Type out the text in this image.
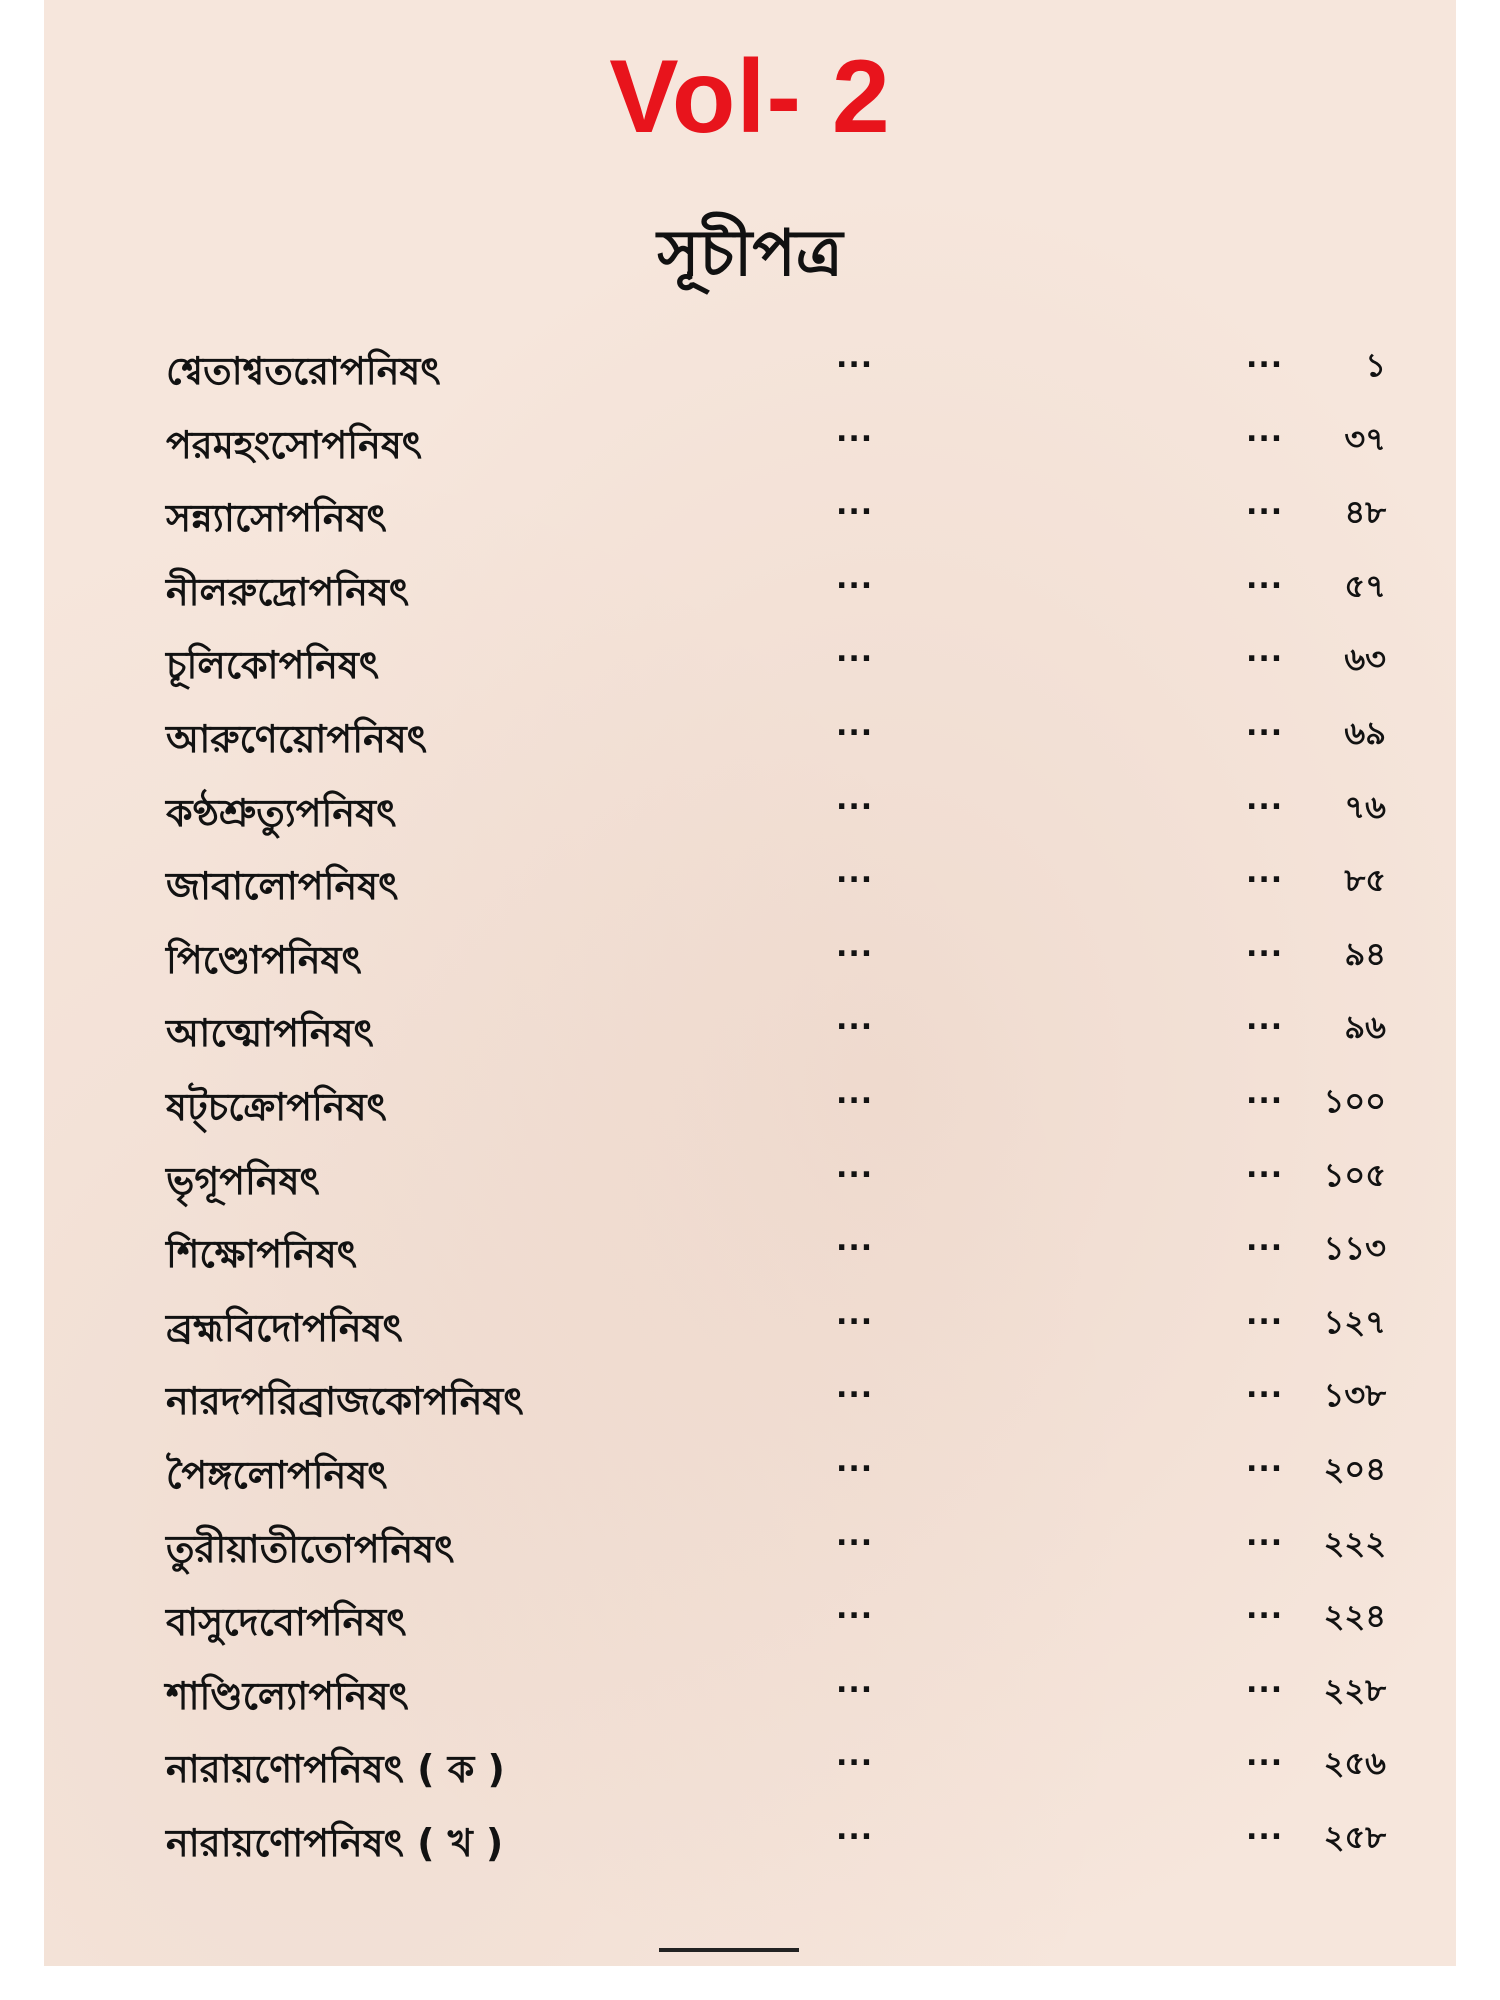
Vol- 2
সূচীপত্র
শ্বেতাশ্বতরোপনিষৎ	...	...	১
পরমহংসোপনিষৎ	...	... ৩৭
সন্ন্যাসোপনিষৎ	...	... ৪৮
নীলরুদ্রোপনিষৎ	...	... ৫৭
চূলিকোপনিষৎ	...	... ৬৩
আরুণেয়োপনিষৎ	...	... ৬৯
কণ্ঠশ্রুত্যুপনিষৎ	...	... ৭৬
জাবালোপনিষৎ	...	... ৮৫
পিণ্ডোপনিষৎ	...	... ৯৪
আত্মোপনিষৎ	...	... ৯৬
ষট্চক্রোপনিষৎ	...	... ১০০
ভৃগূপনিষৎ	...	... ১০৫
শিক্ষোপনিষৎ	...	... ১১৩
ব্রহ্মবিদোপনিষৎ	...	... ১২৭
নারদপরিব্রাজকোপনিষৎ	...	... ১৩৮
পৈঙ্গলোপনিষৎ	...	... ২০৪
তুরীয়াতীতোপনিষৎ	...	... ২২২
বাসুদেবোপনিষৎ	...	... ২২৪
শাণ্ডিল্যোপনিষৎ	...	... ২২৮
নারায়ণোপনিষৎ ( ক )	...	... ২৫৬
নারায়ণোপনিষৎ ( খ )	...	... ২৫৮
